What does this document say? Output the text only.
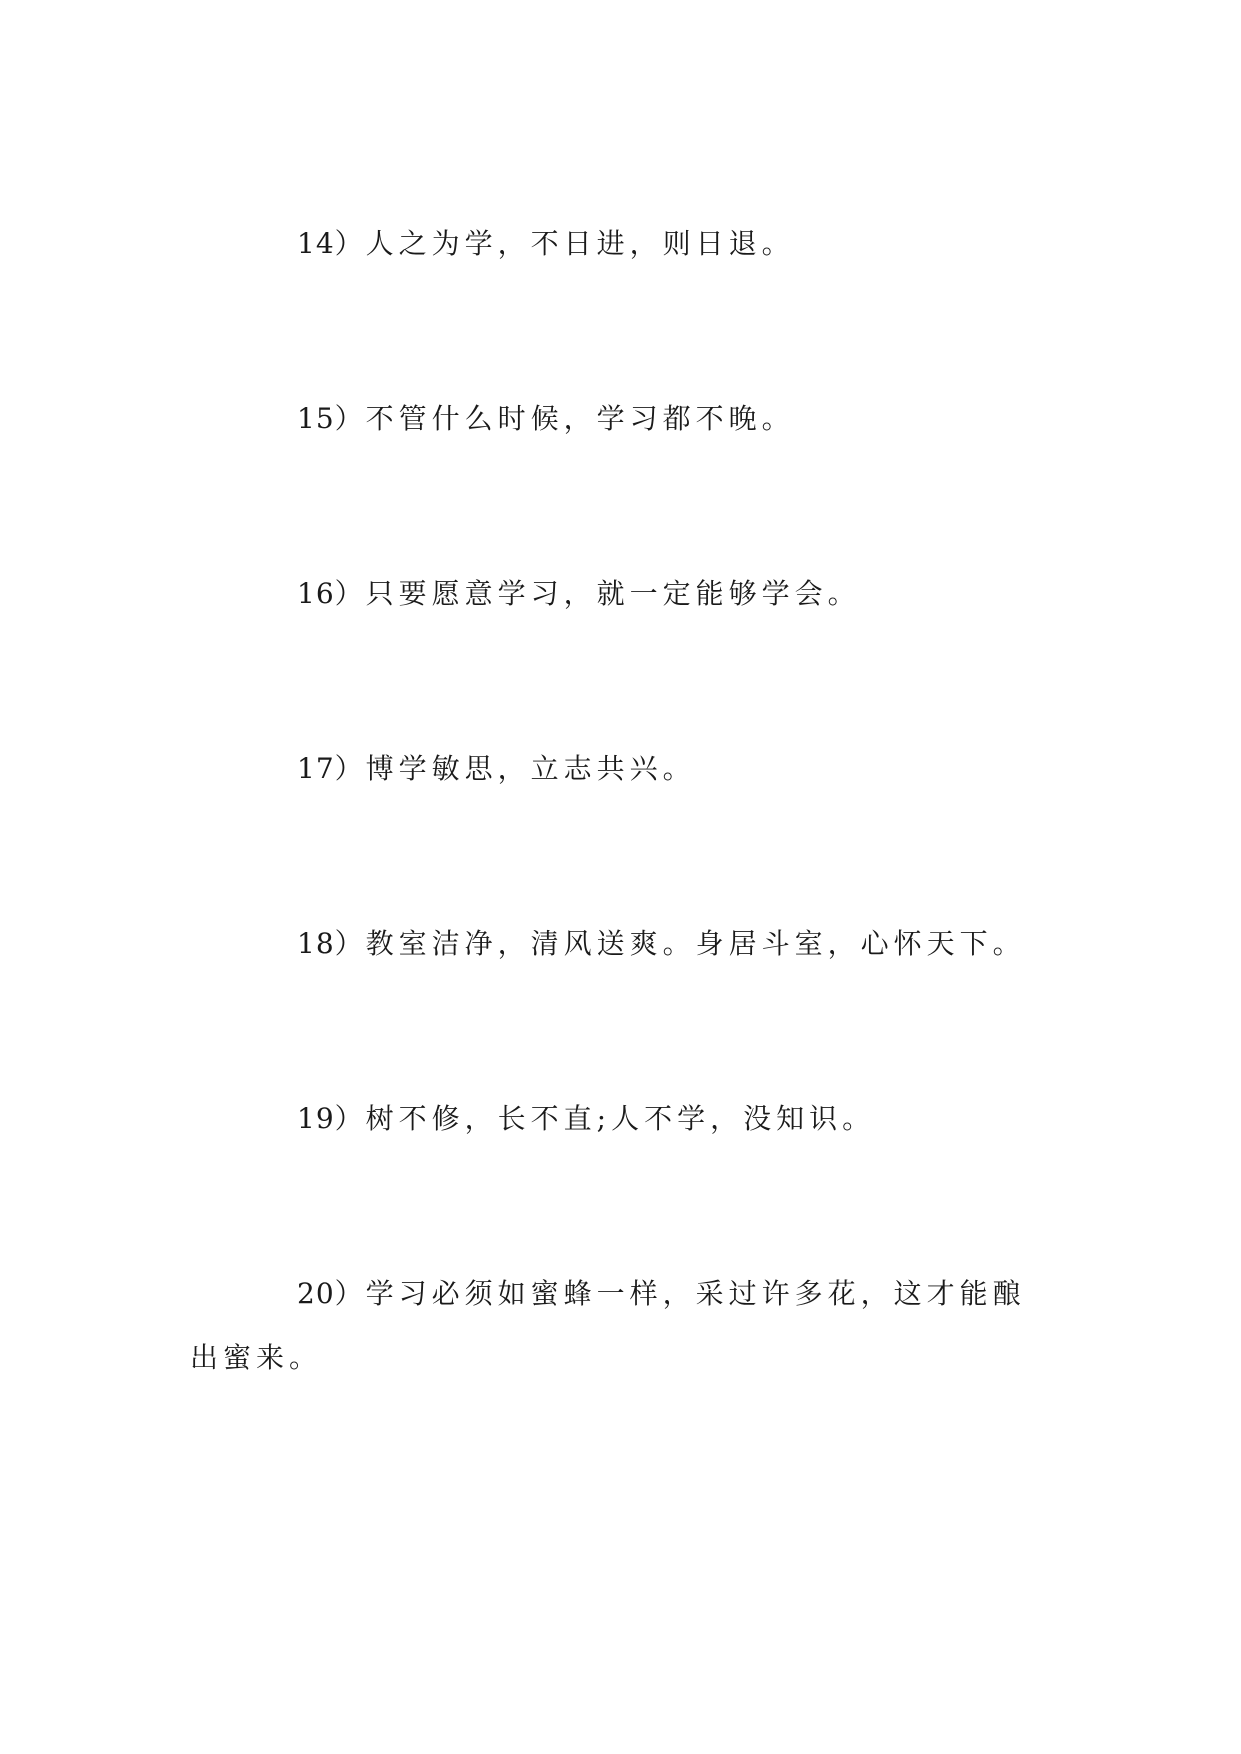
14）人之为学，不日进，则日退。

15）不管什么时候，学习都不晚。

16）只要愿意学习，就一定能够学会。

17）博学敏思，立志共兴。

18）教室洁净，清风送爽。身居斗室，心怀天下。

19）树不修，长不直;人不学，没知识。

20）学习必须如蜜蜂一样，采过许多花，这才能酿出蜜来。
